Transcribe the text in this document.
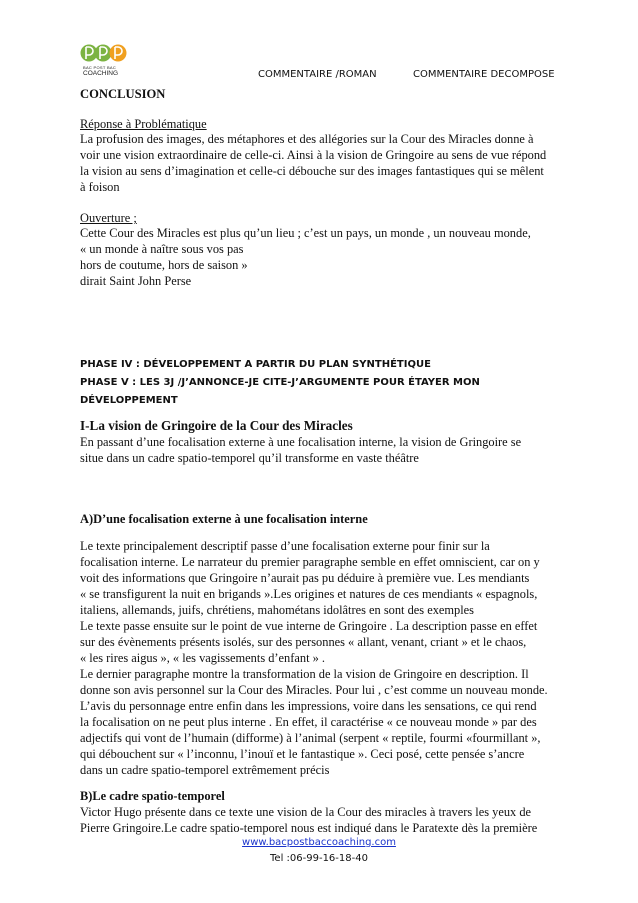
BAC POST BAC
COACHING	COMMENTAIRE /ROMAN	COMMENTAIRE DECOMPOSE
CONCLUSION
Réponse à Problématique
La profusion des images, des métaphores et des allégories sur la Cour des Miracles donne à
voir une vision extraordinaire de celle-ci. Ainsi à la vision de Gringoire au sens de vue répond
la vision au sens d’imagination et celle-ci débouche sur des images fantastiques qui se mêlent
à foison
Ouverture ;
Cette Cour des Miracles est plus qu’un lieu ; c’est un pays, un monde , un nouveau monde,
« un monde à naître sous vos pas
hors de coutume, hors de saison »
dirait Saint John Perse
PHASE IV : DÉVELOPPEMENT A PARTIR DU PLAN SYNTHÉTIQUE
PHASE V : LES 3J /J’ANNONCE-JE CITE-J’ARGUMENTE POUR ÉTAYER MON
DÉVELOPPEMENT
I-La vision de Gringoire de la Cour des Miracles
En passant d’une focalisation externe à une focalisation interne, la vision de Gringoire se
situe dans un cadre spatio-temporel qu’il transforme en vaste théâtre
A)D’une focalisation externe à une focalisation interne
Le texte principalement descriptif passe d’une focalisation externe pour finir sur la
focalisation interne. Le narrateur du premier paragraphe semble en effet omniscient, car on y
voit des informations que Gringoire n’aurait pas pu déduire à première vue. Les mendiants
« se transfigurent la nuit en brigands ».Les origines et natures de ces mendiants « espagnols,
italiens, allemands, juifs, chrétiens, mahométans idolâtres en sont des exemples
Le texte passe ensuite sur le point de vue interne de Gringoire . La description passe en effet
sur des évènements présents isolés, sur des personnes « allant, venant, criant » et le chaos,
« les rires aigus », « les vagissements d’enfant » .
Le dernier paragraphe montre la transformation de la vision de Gringoire en description. Il
donne son avis personnel sur la Cour des Miracles. Pour lui , c’est comme un nouveau monde.
L’avis du personnage entre enfin dans les impressions, voire dans les sensations, ce qui rend
la focalisation on ne peut plus interne . En effet, il caractérise « ce nouveau monde » par des
adjectifs qui vont de l’humain (difforme) à l’animal (serpent « reptile, fourmi «fourmillant »,
qui débouchent sur « l’inconnu, l’inouï et le fantastique ». Ceci posé, cette pensée s’ancre
dans un cadre spatio-temporel extrêmement précis
B)Le cadre spatio-temporel
Victor Hugo présente dans ce texte une vision de la Cour des miracles à travers les yeux de
Pierre Gringoire.Le cadre spatio-temporel nous est indiqué dans le Paratexte dès la première
www.bacpostbaccoaching.com
Tel :06-99-16-18-40
